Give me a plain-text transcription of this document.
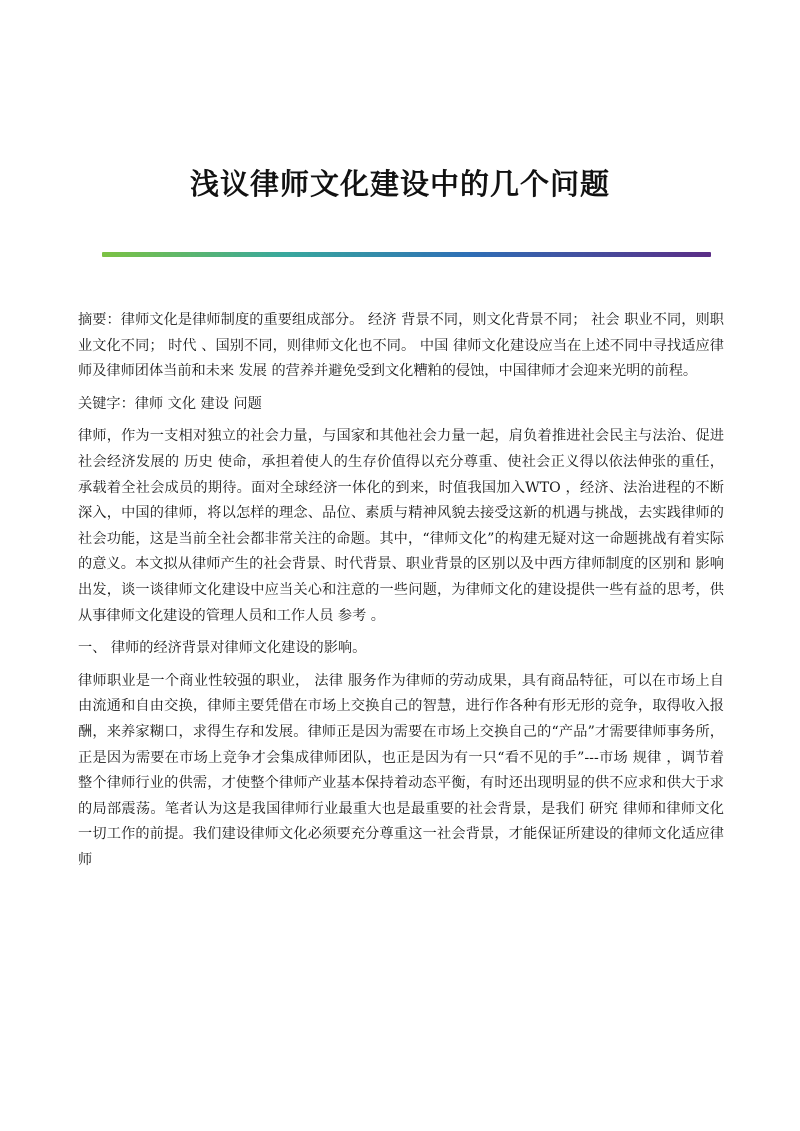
浅议律师文化建设中的几个问题

摘要：律师文化是律师制度的重要组成部分。 经济 背景不同，则文化背景不同； 社会 职业不同，则职业文化不同； 时代 、国别不同，则律师文化也不同。 中国 律师文化建设应当在上述不同中寻找适应律师及律师团体当前和未来 发展 的营养并避免受到文化糟粕的侵蚀，中国律师才会迎来光明的前程。

关键字：律师 文化 建设 问题

律师，作为一支相对独立的社会力量，与国家和其他社会力量一起，肩负着推进社会民主与法治、促进社会经济发展的 历史 使命，承担着使人的生存价值得以充分尊重、使社会正义得以依法伸张的重任，承载着全社会成员的期待。面对全球经济一体化的到来，时值我国加入WTO ，经济、法治进程的不断深入，中国的律师，将以怎样的理念、品位、素质与精神风貌去接受这新的机遇与挑战，去实践律师的社会功能，这是当前全社会都非常关注的命题。其中，“律师文化”的构建无疑对这一命题挑战有着实际的意义。本文拟从律师产生的社会背景、时代背景、职业背景的区别以及中西方律师制度的区别和 影响 出发，谈一谈律师文化建设中应当关心和注意的一些问题，为律师文化的建设提供一些有益的思考，供从事律师文化建设的管理人员和工作人员 参考 。

一、 律师的经济背景对律师文化建设的影响。

律师职业是一个商业性较强的职业， 法律 服务作为律师的劳动成果，具有商品特征，可以在市场上自由流通和自由交换，律师主要凭借在市场上交换自己的智慧，进行作各种有形无形的竞争，取得收入报酬，来养家糊口，求得生存和发展。律师正是因为需要在市场上交换自己的“产品”才需要律师事务所，正是因为需要在市场上竞争才会集成律师团队，也正是因为有一只“看不见的手”---市场 规律 ，调节着整个律师行业的供需，才使整个律师产业基本保持着动态平衡，有时还出现明显的供不应求和供大于求的局部震荡。笔者认为这是我国律师行业最重大也是最重要的社会背景，是我们 研究 律师和律师文化一切工作的前提。我们建设律师文化必须要充分尊重这一社会背景，才能保证所建设的律师文化适应律师
